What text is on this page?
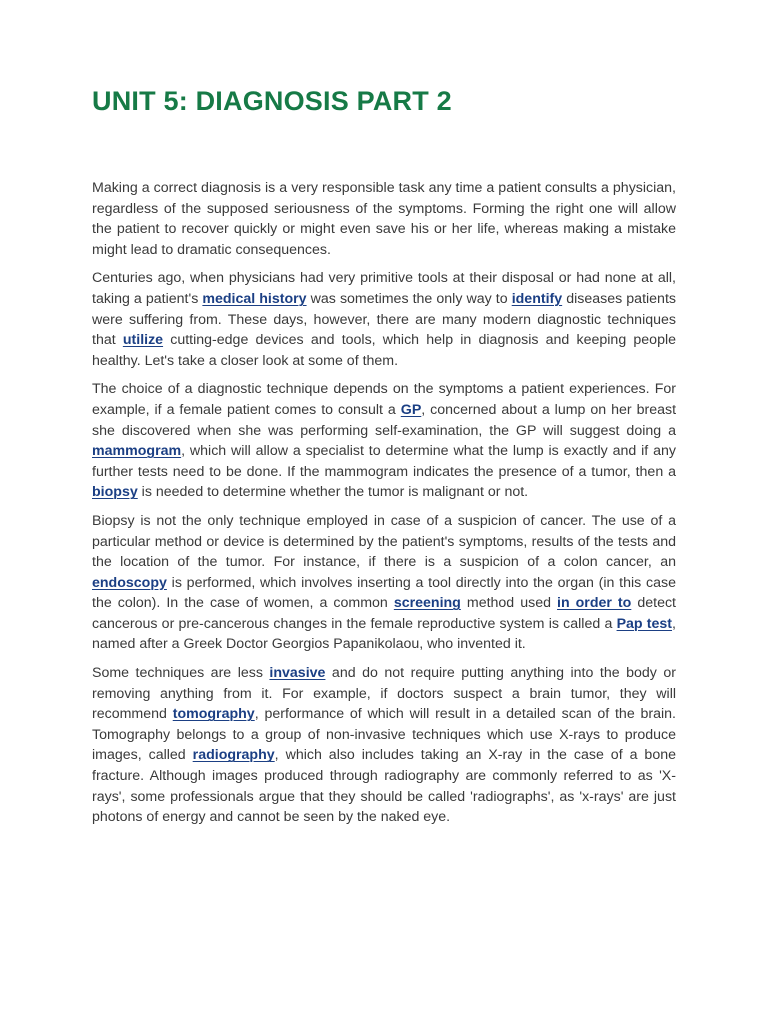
UNIT 5: DIAGNOSIS PART 2

Making a correct diagnosis is a very responsible task any time a patient consults a physician, regardless of the supposed seriousness of the symptoms. Forming the right one will allow the patient to recover quickly or might even save his or her life, whereas making a mistake might lead to dramatic consequences.

Centuries ago, when physicians had very primitive tools at their disposal or had none at all, taking a patient's medical history was sometimes the only way to identify diseases patients were suffering from. These days, however, there are many modern diagnostic techniques that utilize cutting-edge devices and tools, which help in diagnosis and keeping people healthy. Let's take a closer look at some of them.

The choice of a diagnostic technique depends on the symptoms a patient experiences. For example, if a female patient comes to consult a GP, concerned about a lump on her breast she discovered when she was performing self-examination, the GP will suggest doing a mammogram, which will allow a specialist to determine what the lump is exactly and if any further tests need to be done. If the mammogram indicates the presence of a tumor, then a biopsy is needed to determine whether the tumor is malignant or not.

Biopsy is not the only technique employed in case of a suspicion of cancer. The use of a particular method or device is determined by the patient's symptoms, results of the tests and the location of the tumor. For instance, if there is a suspicion of a colon cancer, an endoscopy is performed, which involves inserting a tool directly into the organ (in this case the colon). In the case of women, a common screening method used in order to detect cancerous or pre-cancerous changes in the female reproductive system is called a Pap test, named after a Greek Doctor Georgios Papanikolaou, who invented it.

Some techniques are less invasive and do not require putting anything into the body or removing anything from it. For example, if doctors suspect a brain tumor, they will recommend tomography, performance of which will result in a detailed scan of the brain. Tomography belongs to a group of non-invasive techniques which use X-rays to produce images, called radiography, which also includes taking an X-ray in the case of a bone fracture. Although images produced through radiography are commonly referred to as 'X-rays', some professionals argue that they should be called 'radiographs', as 'x-rays' are just photons of energy and cannot be seen by the naked eye.
